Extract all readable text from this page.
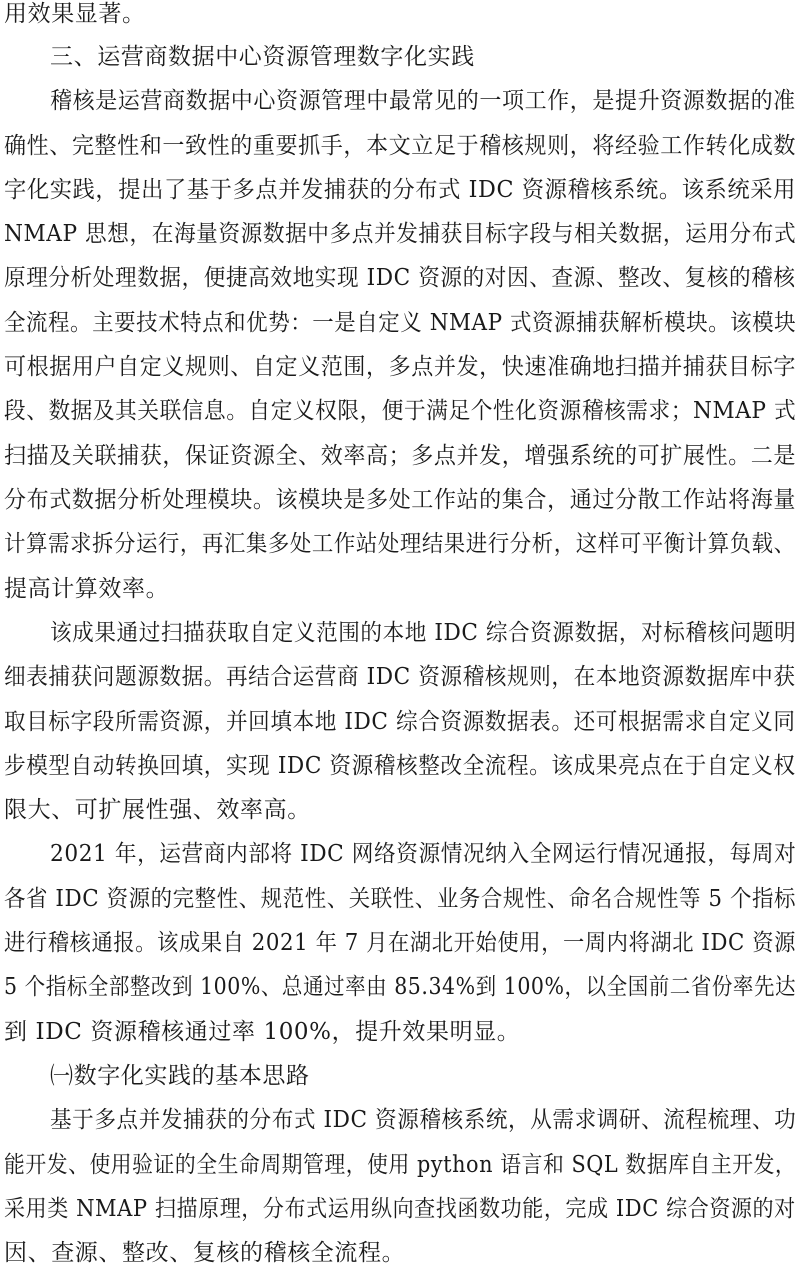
用效果显著。
三、运营商数据中心资源管理数字化实践
稽核是运营商数据中心资源管理中最常见的一项工作，是提升资源数据的准
确性、完整性和一致性的重要抓手，本文立足于稽核规则，将经验工作转化成数
字化实践，提出了基于多点并发捕获的分布式 IDC 资源稽核系统。该系统采用
NMAP 思想，在海量资源数据中多点并发捕获目标字段与相关数据，运用分布式
原理分析处理数据，便捷高效地实现 IDC 资源的对因、查源、整改、复核的稽核
全流程。主要技术特点和优势：一是自定义 NMAP 式资源捕获解析模块。该模块
可根据用户自定义规则、自定义范围，多点并发，快速准确地扫描并捕获目标字
段、数据及其关联信息。自定义权限，便于满足个性化资源稽核需求；NMAP 式
扫描及关联捕获，保证资源全、效率高；多点并发，增强系统的可扩展性。二是
分布式数据分析处理模块。该模块是多处工作站的集合，通过分散工作站将海量
计算需求拆分运行，再汇集多处工作站处理结果进行分析，这样可平衡计算负载、
提高计算效率。
该成果通过扫描获取自定义范围的本地 IDC 综合资源数据，对标稽核问题明
细表捕获问题源数据。再结合运营商 IDC 资源稽核规则，在本地资源数据库中获
取目标字段所需资源，并回填本地 IDC 综合资源数据表。还可根据需求自定义同
步模型自动转换回填，实现 IDC 资源稽核整改全流程。该成果亮点在于自定义权
限大、可扩展性强、效率高。
2021 年，运营商内部将 IDC 网络资源情况纳入全网运行情况通报，每周对
各省 IDC 资源的完整性、规范性、关联性、业务合规性、命名合规性等 5 个指标
进行稽核通报。该成果自 2021 年 7 月在湖北开始使用，一周内将湖北 IDC 资源
5 个指标全部整改到 100%、总通过率由 85.34%到 100%，以全国前二省份率先达
到 IDC 资源稽核通过率 100%，提升效果明显。
㈠数字化实践的基本思路
基于多点并发捕获的分布式 IDC 资源稽核系统，从需求调研、流程梳理、功
能开发、使用验证的全生命周期管理，使用 python 语言和 SQL 数据库自主开发，
采用类 NMAP 扫描原理，分布式运用纵向查找函数功能，完成 IDC 综合资源的对
因、查源、整改、复核的稽核全流程。
